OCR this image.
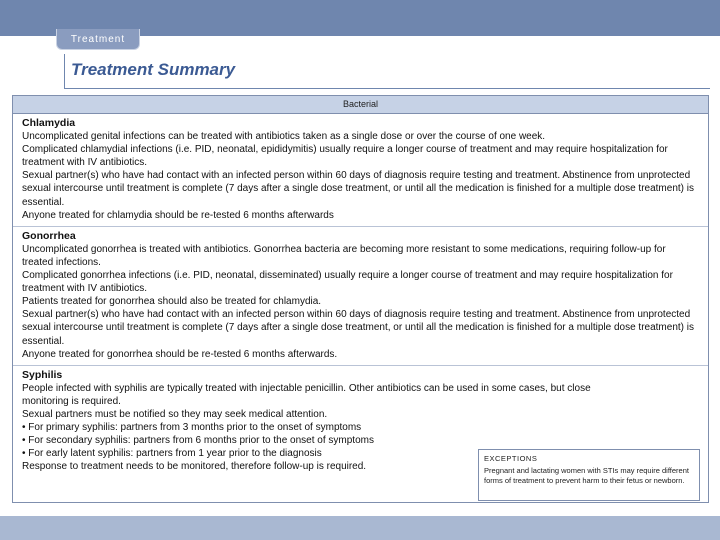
Treatment
Treatment Summary
Bacterial
Chlamydia
Uncomplicated genital infections can be treated with antibiotics taken as a single dose or over the course of one week.
Complicated chlamydial infections (i.e. PID, neonatal, epididymitis) usually require a longer course of treatment and may require hospitalization for treatment with IV antibiotics.
Sexual partner(s) who have had contact with an infected person within 60 days of diagnosis require testing and treatment. Abstinence from unprotected sexual intercourse until treatment is complete (7 days after a single dose treatment, or until all the medication is finished for a multiple dose treatment) is essential.
Anyone treated for chlamydia should be re-tested 6 months afterwards
Gonorrhea
Uncomplicated gonorrhea is treated with antibiotics. Gonorrhea bacteria are becoming more resistant to some medications, requiring follow-up for treated infections.
Complicated gonorrhea infections (i.e. PID, neonatal, disseminated) usually require a longer course of treatment and may require hospitalization for treatment with IV antibiotics.
Patients treated for gonorrhea should also be treated for chlamydia.
Sexual partner(s) who have had contact with an infected person within 60 days of diagnosis require testing and treatment. Abstinence from unprotected sexual intercourse until treatment is complete (7 days after a single dose treatment, or until all the medication is finished for a multiple dose treatment) is essential.
Anyone treated for gonorrhea should be re-tested 6 months afterwards.
Syphilis
People infected with syphilis are typically treated with injectable penicillin. Other antibiotics can be used in some cases, but close monitoring is required.
Sexual partners must be notified so they may seek medical attention.
• For primary syphilis: partners from 3 months prior to the onset of symptoms
• For secondary syphilis: partners from 6 months prior to the onset of symptoms
• For early latent syphilis: partners from 1 year prior to the diagnosis
Response to treatment needs to be monitored, therefore follow-up is required.
EXCEPTIONS
Pregnant and lactating women with STIs may require different forms of treatment to prevent harm to their fetus or newborn.
